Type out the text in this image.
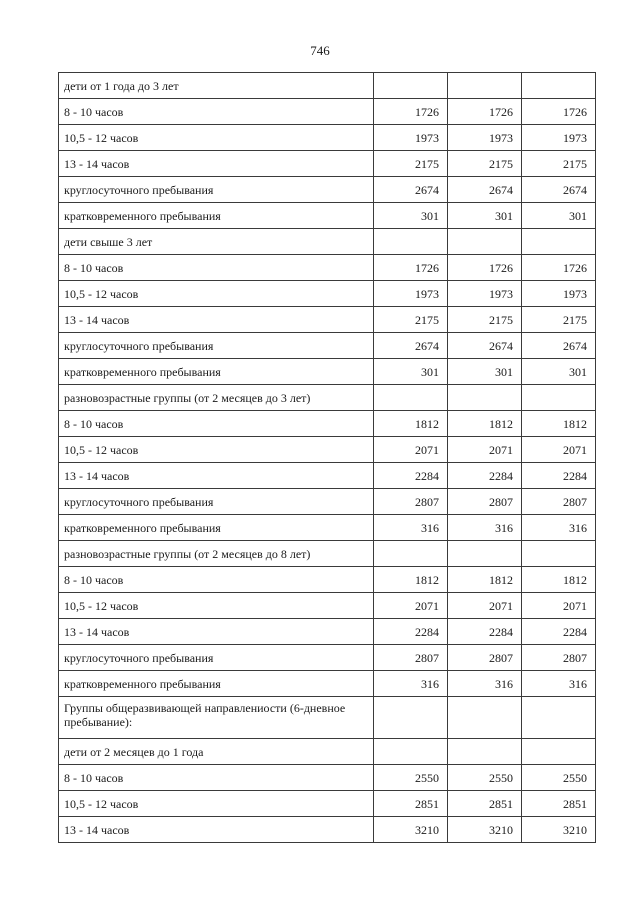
746
дети от 1 года до 3 лет			
8 - 10 часов	1726	1726	1726
10,5 - 12 часов	1973	1973	1973
13 - 14 часов	2175	2175	2175
круглосуточного пребывания	2674	2674	2674
кратковременного пребывания	301	301	301
дети свыше 3 лет			
8 - 10 часов	1726	1726	1726
10,5 - 12 часов	1973	1973	1973
13 - 14 часов	2175	2175	2175
круглосуточного пребывания	2674	2674	2674
кратковременного пребывания	301	301	301
разновозрастные группы (от 2 месяцев до 3 лет)			
8 - 10 часов	1812	1812	1812
10,5 - 12 часов	2071	2071	2071
13 - 14 часов	2284	2284	2284
круглосуточного пребывания	2807	2807	2807
кратковременного пребывания	316	316	316
разновозрастные группы (от 2 месяцев до 8 лет)			
8 - 10 часов	1812	1812	1812
10,5 - 12 часов	2071	2071	2071
13 - 14 часов	2284	2284	2284
круглосуточного пребывания	2807	2807	2807
кратковременного пребывания	316	316	316
Группы общеразвивающей направлениости (6-дневное пребывание):			
дети от 2 месяцев до 1 года			
8 - 10 часов	2550	2550	2550
10,5 - 12 часов	2851	2851	2851
13 - 14 часов	3210	3210	3210
